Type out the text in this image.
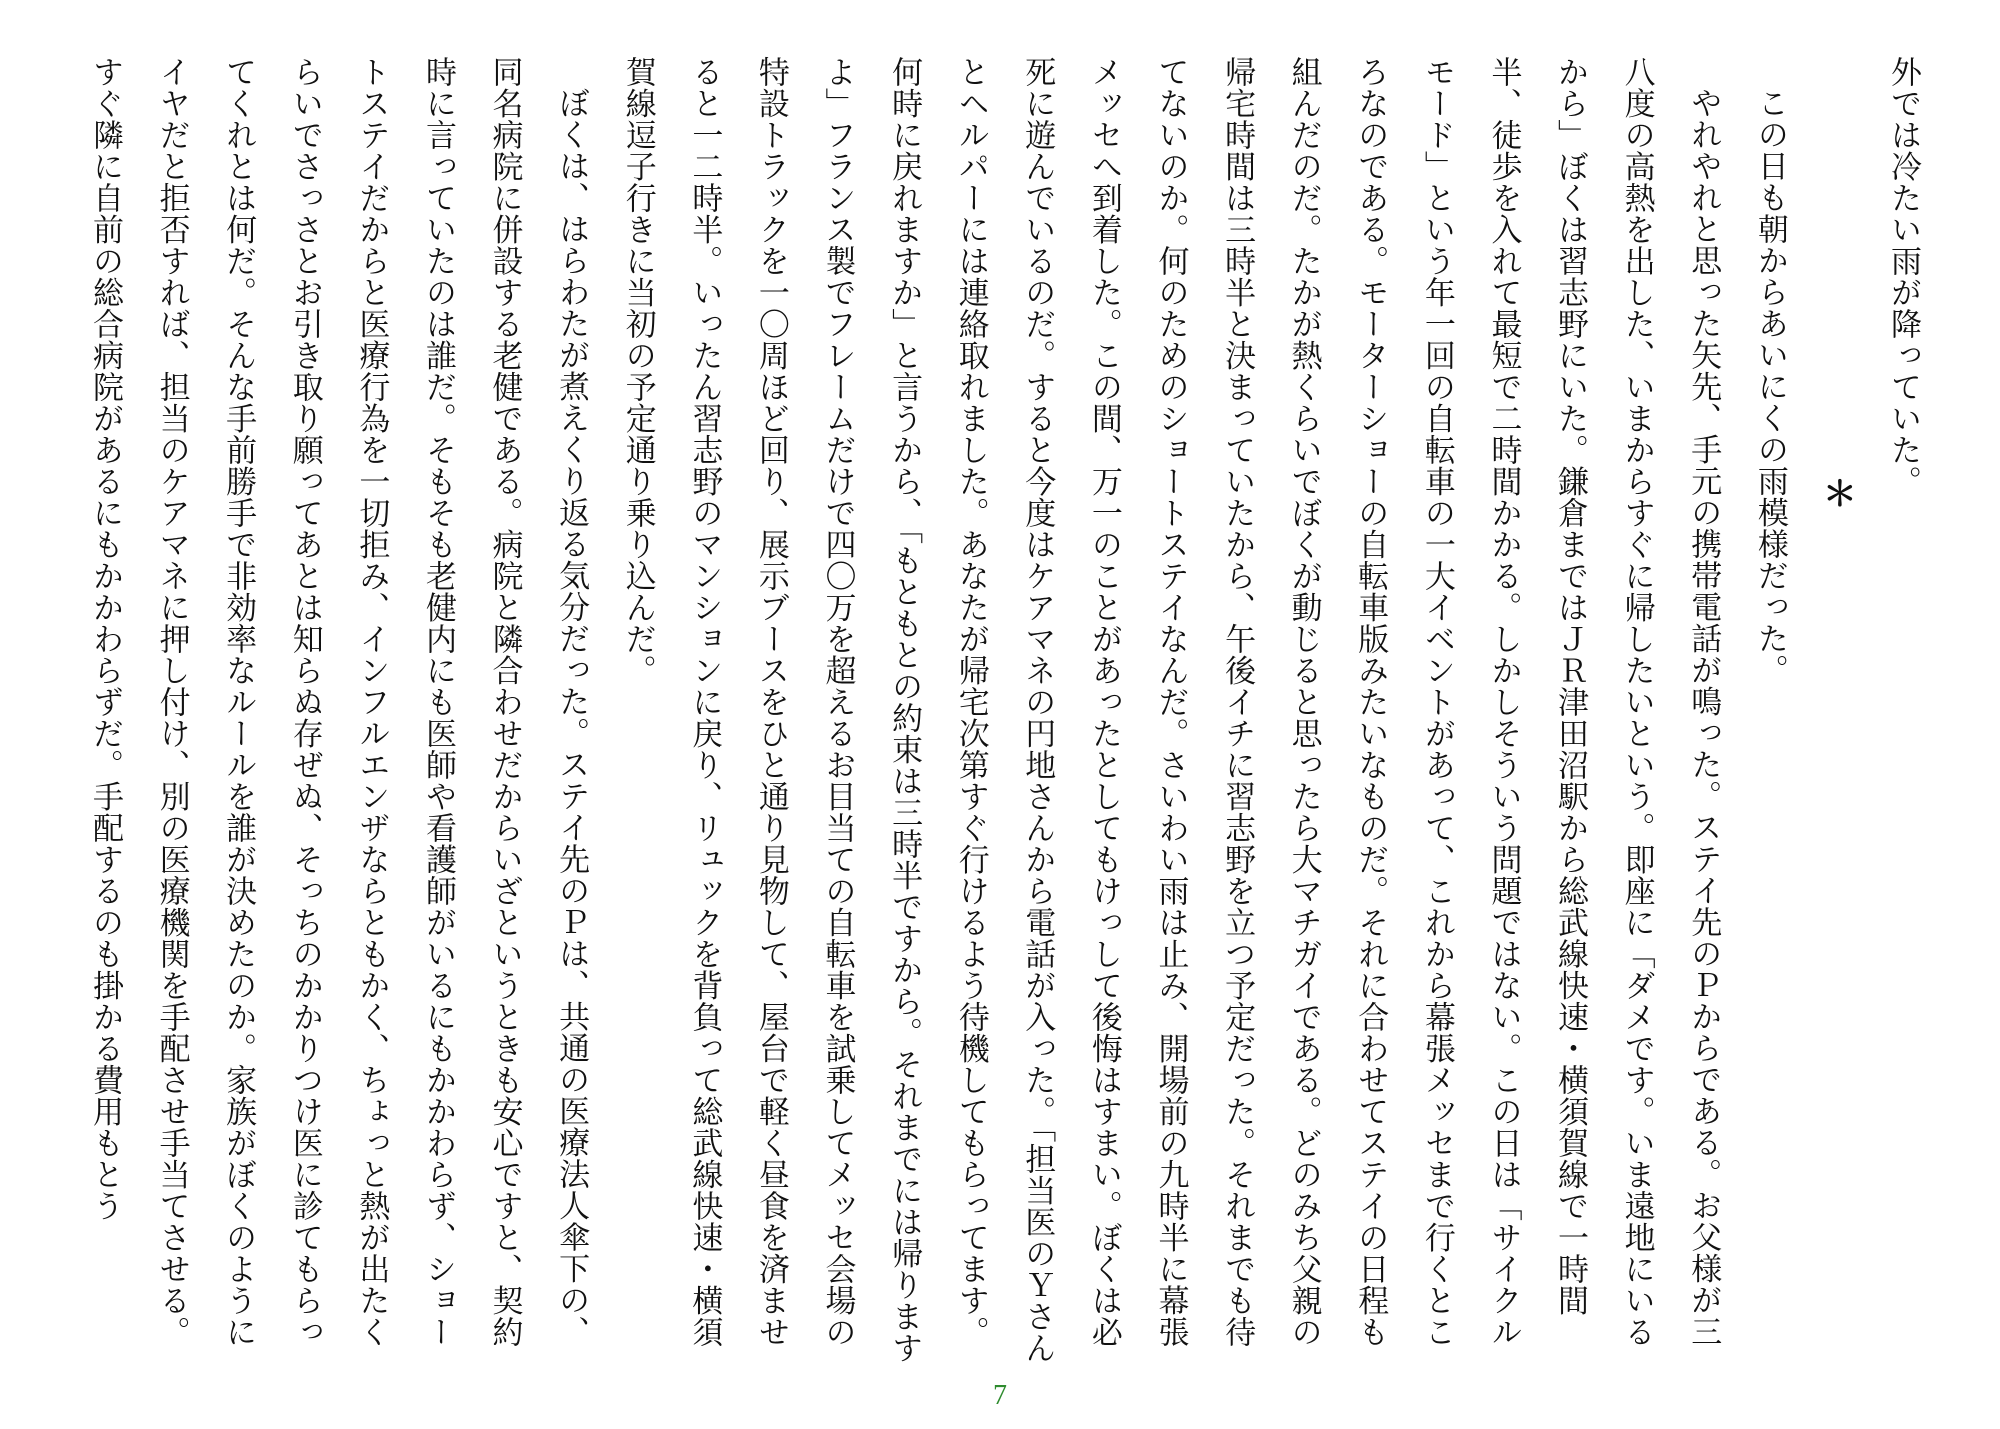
外では冷たい雨が降っていた。

＊

この日も朝からあいにくの雨模様だった。

やれやれと思った矢先、手元の携帯電話が鳴った。ステイ先のＰからである。お父様が三八度の高熱を出した、いまからすぐに帰したいという。即座に「ダメです。いま遠地にいるから」ぼくは習志野にいた。鎌倉まではＪＲ津田沼駅から総武線快速・横須賀線で一時間半、徒歩を入れて最短で二時間かかる。しかしそういう問題ではない。この日は「サイクルモード」という年一回の自転車の一大イベントがあって、これから幕張メッセまで行くところなのである。モーターショーの自転車版みたいなものだ。それに合わせてステイの日程も組んだのだ。たかが熱くらいでぼくが動じると思ったら大マチガイである。どのみち父親の帰宅時間は三時半と決まっていたから、午後イチに習志野を立つ予定だった。それまでも待てないのか。何のためのショートステイなんだ。さいわい雨は止み、開場前の九時半に幕張メッセへ到着した。この間、万一のことがあったとしてもけっして後悔はすまい。ぼくは必死に遊んでいるのだ。すると今度はケアマネの円地さんから電話が入った。「担当医のＹさんとヘルパーには連絡取れました。あなたが帰宅次第すぐ行けるよう待機してもらってます。何時に戻れますか」と言うから、「もともとの約束は三時半ですから。それまでには帰りますよ」フランス製でフレームだけで四〇万を超えるお目当ての自転車を試乗してメッセ会場の特設トラックを一〇周ほど回り、展示ブースをひと通り見物して、屋台で軽く昼食を済ませると一二時半。いったん習志野のマンションに戻り、リュックを背負って総武線快速・横須賀線逗子行きに当初の予定通り乗り込んだ。

ぼくは、はらわたが煮えくり返る気分だった。ステイ先のＰは、共通の医療法人傘下の、同名病院に併設する老健である。病院と隣合わせだからいざというときも安心ですと、契約時に言っていたのは誰だ。そもそも老健内にも医師や看護師がいるにもかかわらず、ショートステイだからと医療行為を一切拒み、インフルエンザならともかく、ちょっと熱が出たくらいでさっさとお引き取り願ってあとは知らぬ存ぜぬ、そっちのかかりつけ医に診てもらってくれとは何だ。そんな手前勝手で非効率なルールを誰が決めたのか。家族がぼくのようにイヤだと拒否すれば、担当のケアマネに押し付け、別の医療機関を手配させ手当てさせる。すぐ隣に自前の総合病院があるにもかかわらずだ。手配するのも掛かる費用もとう

7
